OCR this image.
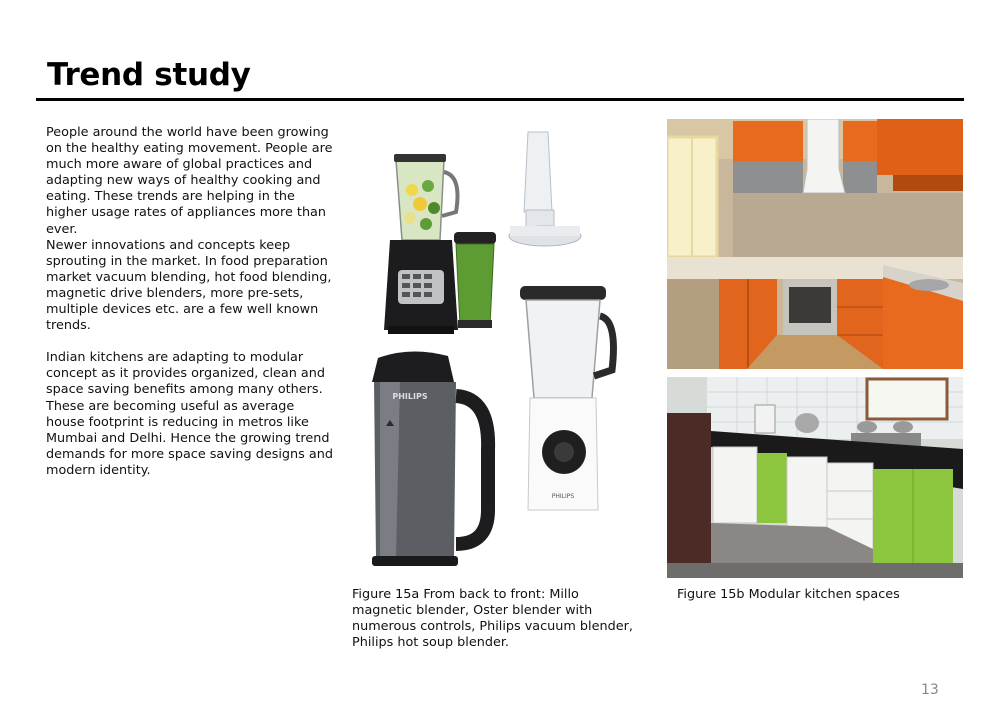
Trend study

People around the world have been growing on the healthy eating movement. People are much more aware of global practices and adapting new ways of healthy cooking and eating. These trends are helping in the higher usage rates of appliances more than ever.

Newer innovations and concepts keep sprouting in the market. In food preparation market vacuum blending, hot food blending, magnetic drive blenders, more pre-sets, multiple devices etc. are a few well known trends.

Indian kitchens are adapting to modular concept as it provides organized, clean and space saving benefits among many others. These are becoming useful as average house footprint is reducing in metros like Mumbai and Delhi. Hence the growing trend demands for more space saving designs and modern identity.

PHILIPS
PHILIPS

Figure 15a From back to front: Millo magnetic blender, Oster blender with numerous controls, Philips vacuum blender, Philips hot soup blender.

Figure 15b Modular kitchen spaces

13
